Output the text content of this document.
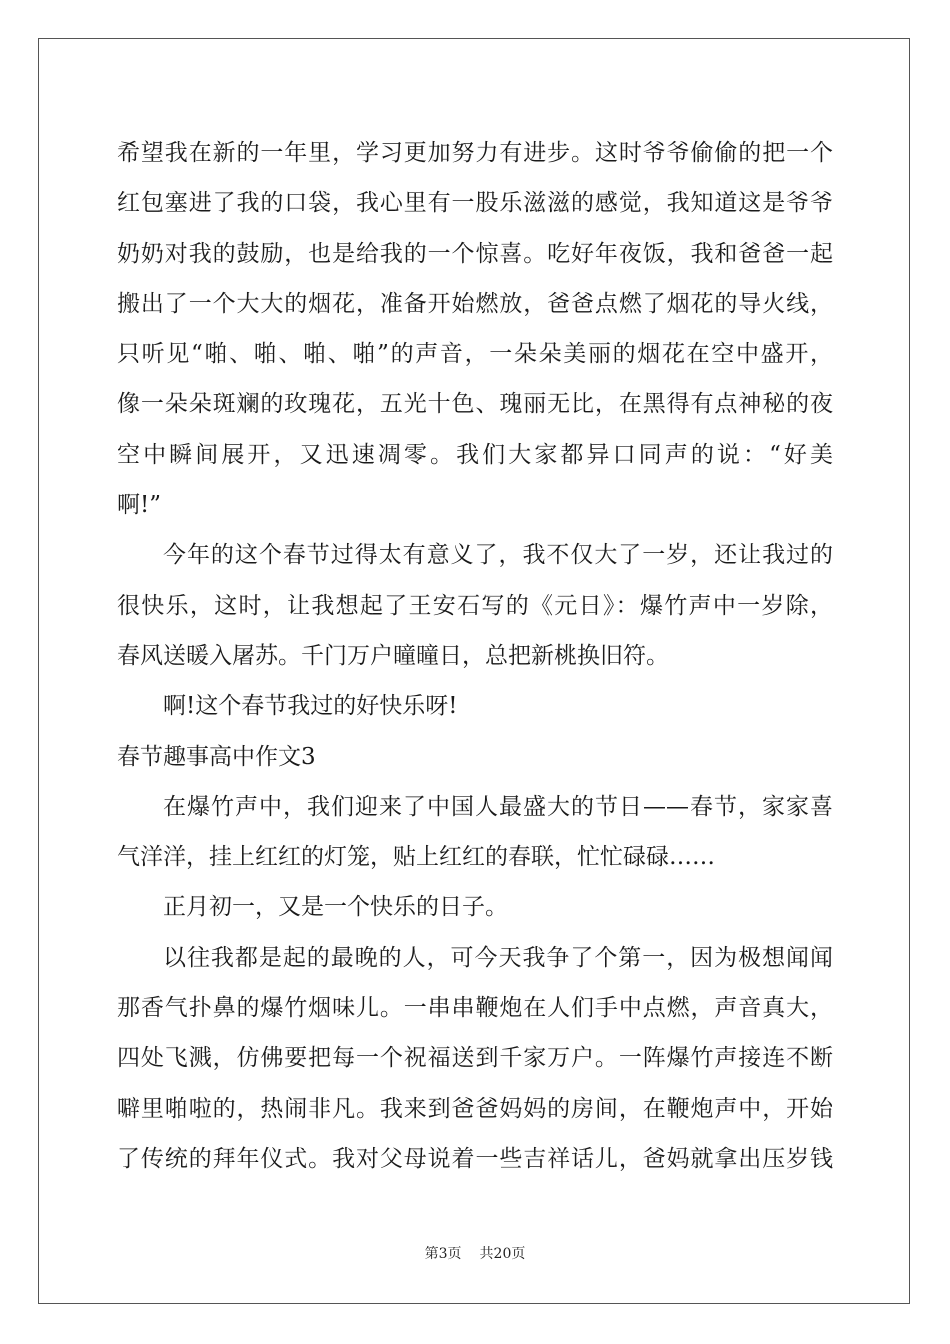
希望我在新的一年里，学习更加努力有进步。这时爷爷偷偷的把一个
红包塞进了我的口袋，我心里有一股乐滋滋的感觉，我知道这是爷爷
奶奶对我的鼓励，也是给我的一个惊喜。吃好年夜饭，我和爸爸一起
搬出了一个大大的烟花，准备开始燃放，爸爸点燃了烟花的导火线，
只听见“啪、啪、啪、啪”的声音，一朵朵美丽的烟花在空中盛开，
像一朵朵斑斓的玫瑰花，五光十色、瑰丽无比，在黑得有点神秘的夜
空中瞬间展开，又迅速凋零。我们大家都异口同声的说：“好美
啊!”
今年的这个春节过得太有意义了，我不仅大了一岁，还让我过的
很快乐，这时，让我想起了王安石写的《元日》：爆竹声中一岁除，
春风送暖入屠苏。千门万户曈曈日，总把新桃换旧符。
啊!这个春节我过的好快乐呀!
春节趣事高中作文3
在爆竹声中，我们迎来了中国人最盛大的节日——春节，家家喜
气洋洋，挂上红红的灯笼，贴上红红的春联，忙忙碌碌……
正月初一，又是一个快乐的日子。
以往我都是起的最晚的人，可今天我争了个第一，因为极想闻闻
那香气扑鼻的爆竹烟味儿。一串串鞭炮在人们手中点燃，声音真大，
四处飞溅，仿佛要把每一个祝福送到千家万户。一阵爆竹声接连不断
噼里啪啦的，热闹非凡。我来到爸爸妈妈的房间，在鞭炮声中，开始
了传统的拜年仪式。我对父母说着一些吉祥话儿，爸妈就拿出压岁钱
第3页 共20页
